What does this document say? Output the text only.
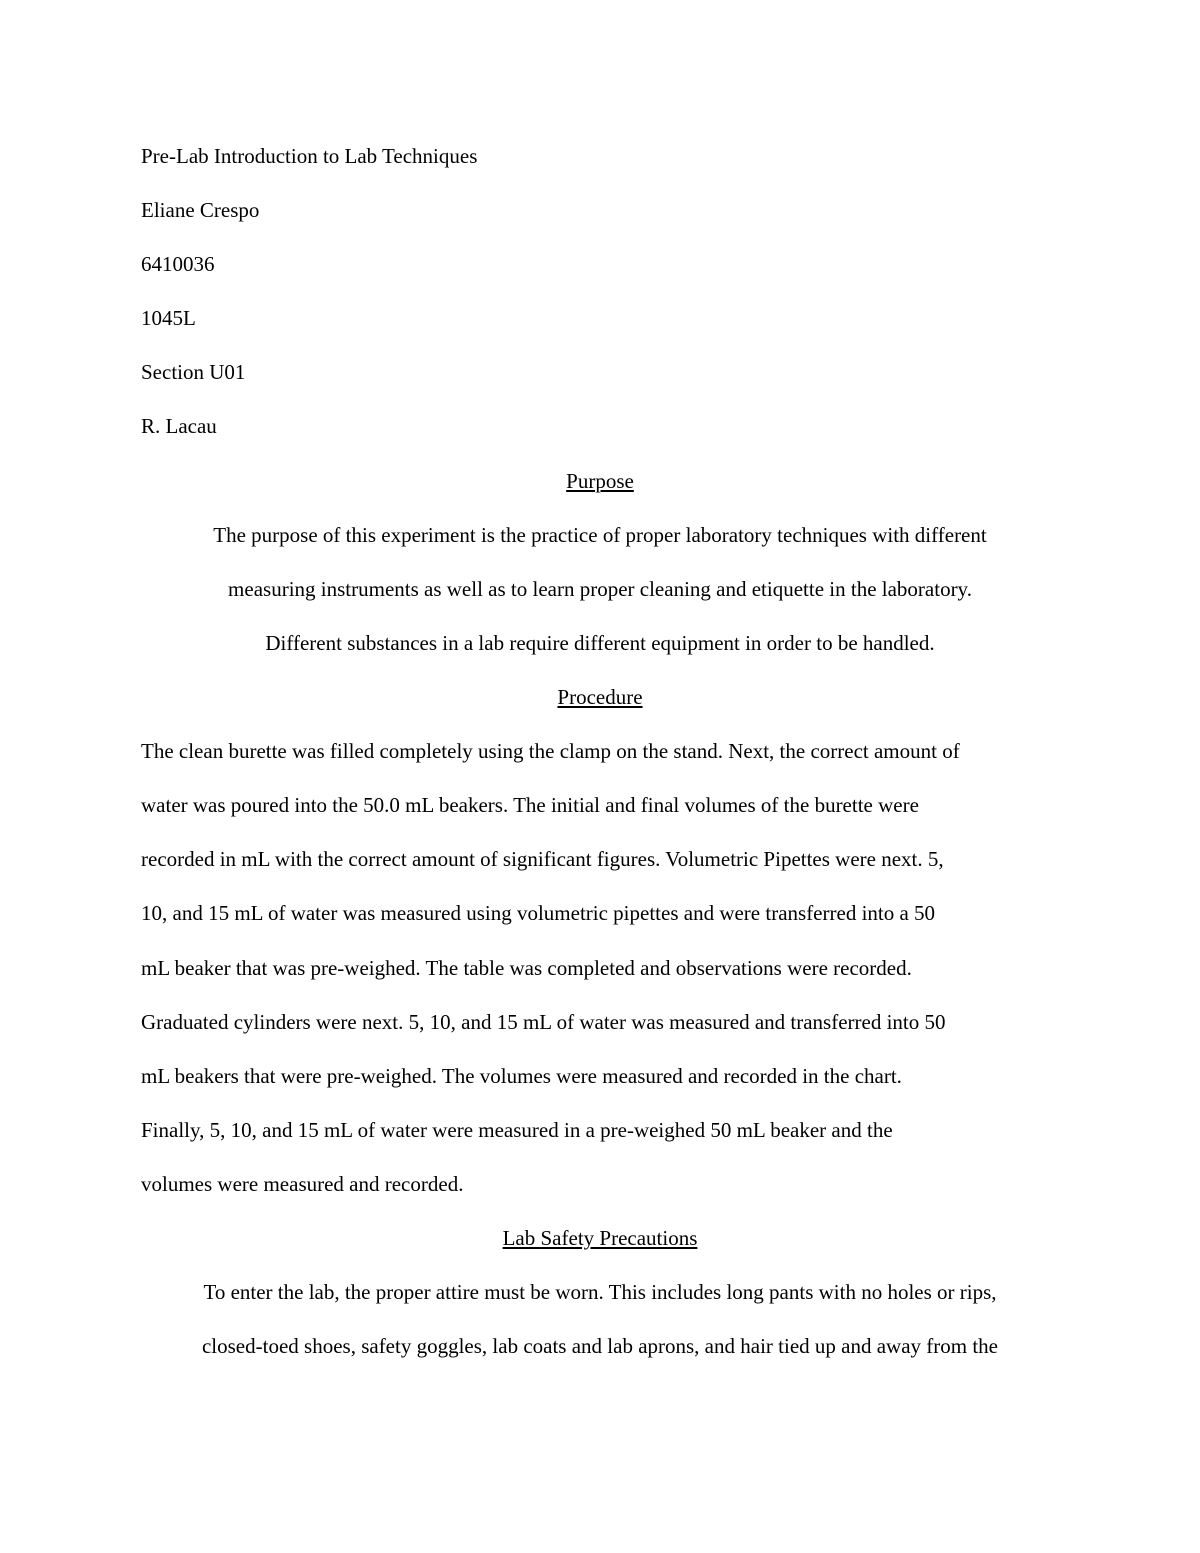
Pre-Lab Introduction to Lab Techniques

Eliane Crespo

6410036

1045L

Section U01

R. Lacau

Purpose

The purpose of this experiment is the practice of proper laboratory techniques with different

measuring instruments as well as to learn proper cleaning and etiquette in the laboratory.

Different substances in a lab require different equipment in order to be handled.

Procedure

The clean burette was filled completely using the clamp on the stand. Next, the correct amount of

water was poured into the 50.0 mL beakers. The initial and final volumes of the burette were

recorded in mL with the correct amount of significant figures. Volumetric Pipettes were next. 5,

10, and 15 mL of water was measured using volumetric pipettes and were transferred into a 50

mL beaker that was pre-weighed. The table was completed and observations were recorded.

Graduated cylinders were next. 5, 10, and 15 mL of water was measured and transferred into 50

mL beakers that were pre-weighed. The volumes were measured and recorded in the chart.

Finally, 5, 10, and 15 mL of water were measured in a pre-weighed 50 mL beaker and the

volumes were measured and recorded.

Lab Safety Precautions

To enter the lab, the proper attire must be worn. This includes long pants with no holes or rips,

closed-toed shoes, safety goggles, lab coats and lab aprons, and hair tied up and away from the
